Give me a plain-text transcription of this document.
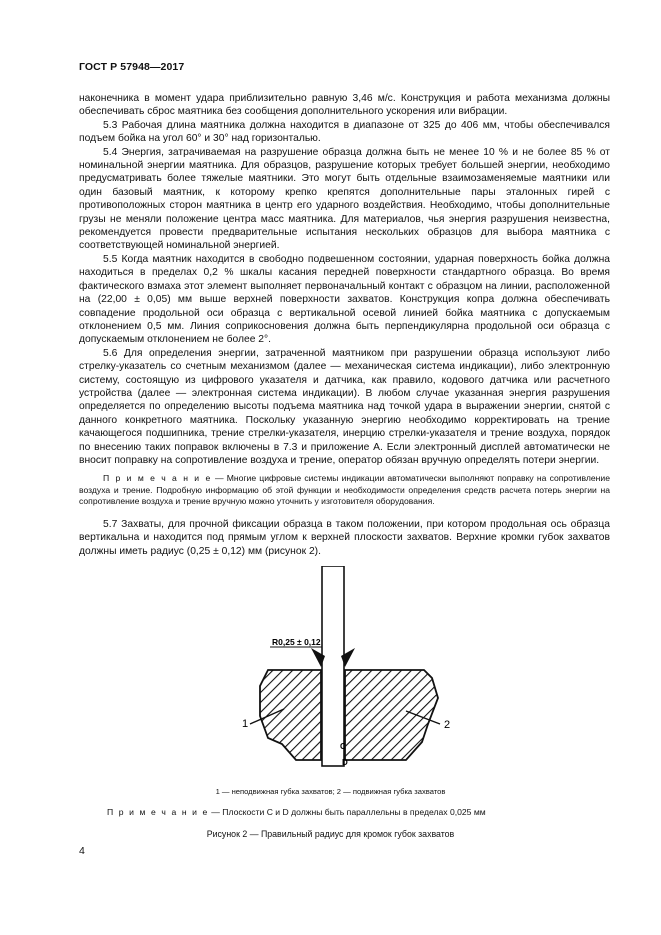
ГОСТ Р 57948—2017

наконечника в момент удара приблизительно равную 3,46 м/с. Конструкция и работа механизма должны обеспечивать сброс маятника без сообщения дополнительного ускорения или вибрации.

5.3 Рабочая длина маятника должна находится в диапазоне от 325 до 406 мм, чтобы обеспечивался подъем бойка на угол 60° и 30° над горизонталью.

5.4 Энергия, затрачиваемая на разрушение образца должна быть не менее 10 % и не более 85 % от номинальной энергии маятника. Для образцов, разрушение которых требует большей энергии, необходимо предусматривать более тяжелые маятники. Это могут быть отдельные взаимозаменяемые маятники или один базовый маятник, к которому крепко крепятся дополнительные пары эталонных гирей с противоположных сторон маятника в центр его ударного воздействия. Необходимо, чтобы дополнительные грузы не меняли положение центра масс маятника. Для материалов, чья энергия разрушения неизвестна, рекомендуется провести предварительные испытания нескольких образцов для выбора маятника с соответствующей номинальной энергией.

5.5 Когда маятник находится в свободно подвешенном состоянии, ударная поверхность бойка должна находиться в пределах 0,2 % шкалы касания передней поверхности стандартного образца. Во время фактического взмаха этот элемент выполняет первоначальный контакт с образцом на линии, расположенной на (22,00 ± 0,05) мм выше верхней поверхности захватов. Конструкция копра должна обеспечивать совпадение продольной оси образца с вертикальной осевой линией бойка маятника с допускаемым отклонением 0,5 мм. Линия соприкосновения должна быть перпендикулярна продольной оси образца с допускаемым отклонением не более 2°.

5.6 Для определения энергии, затраченной маятником при разрушении образца используют либо стрелку-указатель со счетным механизмом (далее — механическая система индикации), либо электронную систему, состоящую из цифрового указателя и датчика, как правило, кодового датчика или расчетного устройства (далее — электронная система индикации). В любом случае указанная энергия разрушения определяется по определению высоты подъема маятника над точкой удара в выражении энергии, снятой с данного конкретного маятника. Поскольку указанную энергию необходимо корректировать на трение качающегося подшипника, трение стрелки-указателя, инерцию стрелки-указателя и трение воздуха, порядок по внесению таких поправок включены в 7.3 и приложение А. Если электронный дисплей автоматически не вносит поправку на сопротивление воздуха и трение, оператор обязан вручную определять потери энергии.

П р и м е ч а н и е — Многие цифровые системы индикации автоматически выполняют поправку на сопротивление воздуха и трение. Подробную информацию об этой функции и необходимости определения средств расчета потерь энергии на сопротивление воздуха и трение вручную можно уточнить у изготовителя оборудования.

5.7 Захваты, для прочной фиксации образца в таком положении, при котором продольная ось образца вертикальна и находится под прямым углом к верхней плоскости захватов. Верхние кромки губок захватов должны иметь радиус (0,25 ± 0,12) мм (рисунок 2).

R0,25 ± 0,12
1	2
C
D
1 — неподвижная губка захватов; 2 — подвижная губка захватов
П р и м е ч а н и е — Плоскости С и D должны быть параллельны в пределах 0,025 мм
Рисунок 2 — Правильный радиус для кромок губок захватов
4
